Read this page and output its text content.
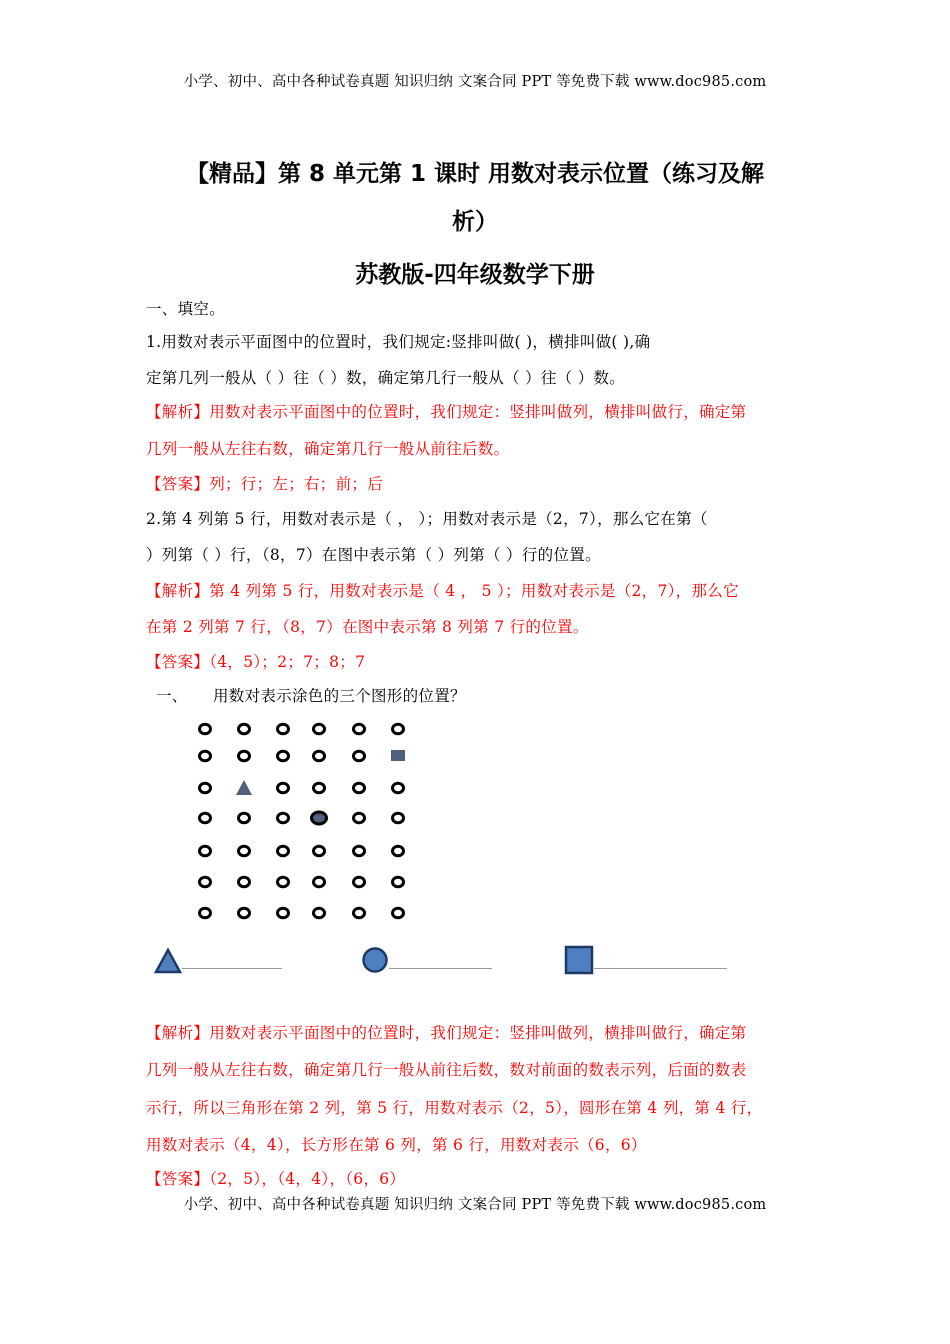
小学、初中、高中各种试卷真题 知识归纳 文案合同 PPT 等免费下载 www.doc985.com
【精品】第 8 单元第 1 课时 用数对表示位置（练习及解
析）
苏教版-四年级数学下册
一、填空。
1.用数对表示平面图中的位置时，我们规定:竖排叫做( )，横排叫做( ),确
定第几列一般从（ ）往（ ）数，确定第几行一般从（ ）往（ ）数。
【解析】用数对表示平面图中的位置时，我们规定：竖排叫做列，横排叫做行，确定第
几列一般从左往右数，确定第几行一般从前往后数。
【答案】列；行；左；右；前；后
2.第 4 列第 5 行，用数对表示是（ ， ）；用数对表示是（2，7），那么它在第（
）列第（ ）行，（8，7）在图中表示第（ ）列第（ ）行的位置。
【解析】第 4 列第 5 行，用数对表示是（ 4 ， 5 ）；用数对表示是（2，7），那么它
在第 2 列第 7 行，（8，7）在图中表示第 8 列第 7 行的位置。
【答案】（4，5）；2；7；8；7
一、	用数对表示涂色的三个图形的位置？
【解析】用数对表示平面图中的位置时，我们规定：竖排叫做列，横排叫做行，确定第
几列一般从左往右数，确定第几行一般从前往后数，数对前面的数表示列，后面的数表
示行，所以三角形在第 2 列，第 5 行，用数对表示（2，5），圆形在第 4 列，第 4 行，
用数对表示（4，4），长方形在第 6 列，第 6 行，用数对表示（6，6）
【答案】（2，5），（4，4），（6，6）
小学、初中、高中各种试卷真题 知识归纳 文案合同 PPT 等免费下载 www.doc985.com
